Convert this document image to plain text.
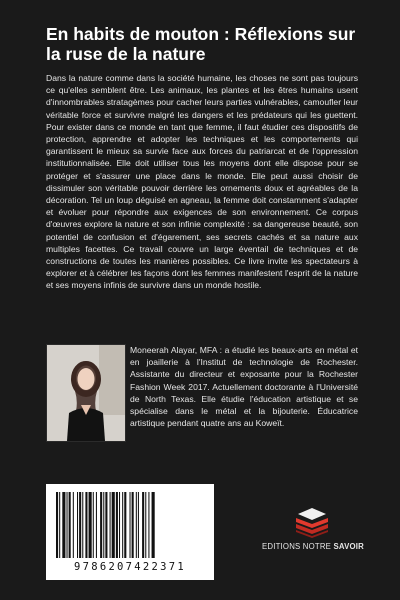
En habits de mouton : Réflexions sur la ruse de la nature

Dans la nature comme dans la société humaine, les choses ne sont pas toujours ce qu'elles semblent être. Les animaux, les plantes et les êtres humains usent d'innombrables stratagèmes pour cacher leurs parties vulnérables, camoufler leur véritable force et survivre malgré les dangers et les prédateurs qui les guettent. Pour exister dans ce monde en tant que femme, il faut étudier ces dispositifs de protection, apprendre et adopter les techniques et les comportements qui garantissent le mieux sa survie face aux forces du patriarcat et de l'oppression institutionnalisée. Elle doit utiliser tous les moyens dont elle dispose pour se protéger et s'assurer une place dans le monde. Elle peut aussi choisir de dissimuler son véritable pouvoir derrière les ornements doux et agréables de la décoration. Tel un loup déguisé en agneau, la femme doit constamment s'adapter et évoluer pour répondre aux exigences de son environnement. Ce corpus d'œuvres explore la nature et son infinie complexité : sa dangereuse beauté, son potentiel de confusion et d'égarement, ses secrets cachés et sa nature aux multiples facettes. Ce travail couvre un large éventail de techniques et de constructions de toutes les manières possibles. Ce livre invite les spectateurs à explorer et à célébrer les façons dont les femmes manifestent l'esprit de la nature et ses moyens infinis de survivre dans un monde hostile.

Moneerah Alayar, MFA : a étudié les beaux-arts en métal et en joaillerie à l'Institut de technologie de Rochester. Assistante du directeur et exposante pour la Rochester Fashion Week 2017. Actuellement doctorante à l'Université de North Texas. Elle étudie l'éducation artistique et se spécialise dans le métal et la bijouterie. Éducatrice artistique pendant quatre ans au Koweït.

9786207422371
EDITIONS NOTRE SAVOIR
